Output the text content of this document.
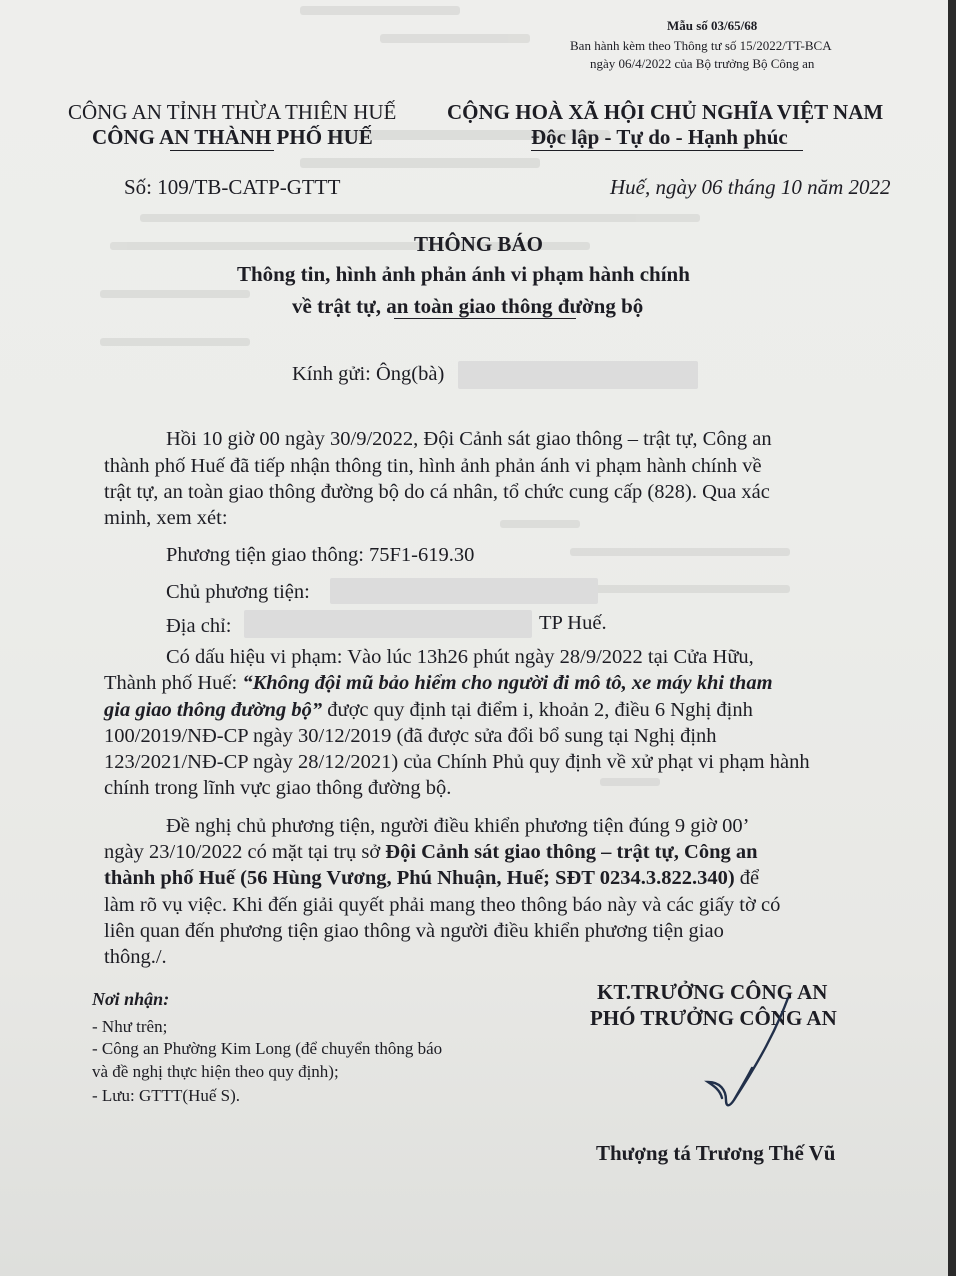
Mẫu số 03/65/68
Ban hành kèm theo Thông tư số 15/2022/TT-BCA
ngày 06/4/2022 của Bộ trưởng Bộ Công an
CÔNG AN TỈNH THỪA THIÊN HUẾ
CÔNG AN THÀNH PHỐ HUẾ
CỘNG HOÀ XÃ HỘI CHỦ NGHĨA VIỆT NAM
Độc lập - Tự do - Hạnh phúc
Số: 109/TB-CATP-GTTT	Huế, ngày 06 tháng 10 năm 2022
THÔNG BÁO
Thông tin, hình ảnh phản ánh vi phạm hành chính
về trật tự, an toàn giao thông đường bộ
Kính gửi: Ông(bà)
Hồi 10 giờ 00 ngày 30/9/2022, Đội Cảnh sát giao thông – trật tự, Công an
thành phố Huế đã tiếp nhận thông tin, hình ảnh phản ánh vi phạm hành chính về
trật tự, an toàn giao thông đường bộ do cá nhân, tổ chức cung cấp (828). Qua xác
minh, xem xét:
Phương tiện giao thông: 75F1-619.30
Chủ phương tiện:
Địa chỉ:	TP Huế.
Có dấu hiệu vi phạm: Vào lúc 13h26 phút ngày 28/9/2022 tại Cửa Hữu,
Thành phố Huế: “Không đội mũ bảo hiểm cho người đi mô tô, xe máy khi tham
gia giao thông đường bộ” được quy định tại điểm i, khoản 2, điều 6 Nghị định
100/2019/NĐ-CP ngày 30/12/2019 (đã được sửa đổi bổ sung tại Nghị định
123/2021/NĐ-CP ngày 28/12/2021) của Chính Phủ quy định về xử phạt vi phạm hành
chính trong lĩnh vực giao thông đường bộ.
Đề nghị chủ phương tiện, người điều khiển phương tiện đúng 9 giờ 00’
ngày 23/10/2022 có mặt tại trụ sở Đội Cảnh sát giao thông – trật tự, Công an
thành phố Huế (56 Hùng Vương, Phú Nhuận, Huế; SĐT 0234.3.822.340) để
làm rõ vụ việc. Khi đến giải quyết phải mang theo thông báo này và các giấy tờ có
liên quan đến phương tiện giao thông và người điều khiển phương tiện giao
thông./.
Nơi nhận:
- Như trên;
- Công an Phường Kim Long (để chuyển thông báo
và đề nghị thực hiện theo quy định);
- Lưu: GTTT(Huế S).
KT.TRƯỞNG CÔNG AN
PHÓ TRƯỞNG CÔNG AN
Thượng tá Trương Thế Vũ
